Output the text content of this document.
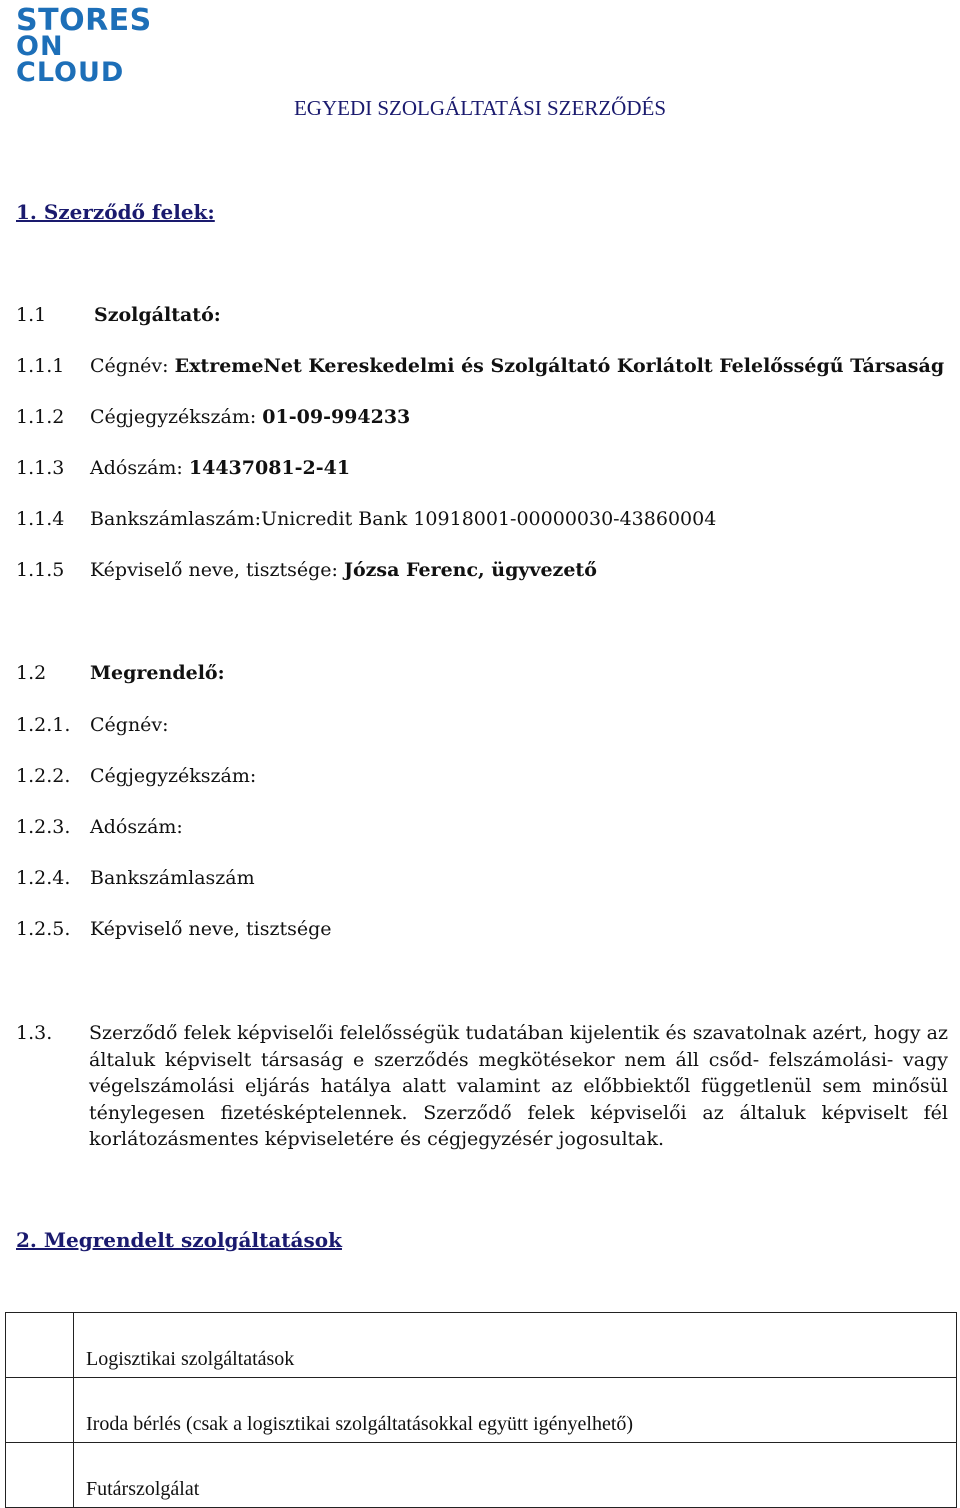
STORES
ON CLOUD
EGYEDI SZOLGÁLTATÁSI SZERZŐDÉS
1. Szerződő felek:
1.1	Szolgáltató:
1.1.1 Cégnév: ExtremeNet Kereskedelmi és Szolgáltató Korlátolt Felelősségű Társaság
1.1.2 Cégjegyzékszám: 01-09-994233
1.1.3 Adószám: 14437081-2-41
1.1.4 Bankszámlaszám:Unicredit Bank 10918001-00000030-43860004
1.1.5 Képviselő neve, tisztsége: Józsa Ferenc, ügyvezető
1.2 Megrendelő:
1.2.1. Cégnév:
1.2.2. Cégjegyzékszám:
1.2.3. Adószám:
1.2.4. Bankszámlaszám
1.2.5. Képviselő neve, tisztsége
1.3. Szerződő felek képviselői felelősségük tudatában kijelentik és szavatolnak azért, hogy az általuk képviselt társaság e szerződés megkötésekor nem áll csőd- felszámolási- vagy végelszámolási eljárás hatálya alatt valamint az előbbiektől függetlenül sem minősül ténylegesen fizetésképtelennek. Szerződő felek képviselői az általuk képviselt fél korlátozásmentes képviseletére és cégjegyzésér jogosultak.
2. Megrendelt szolgáltatások
	Logisztikai szolgáltatások
	Iroda bérlés (csak a logisztikai szolgáltatásokkal együtt igényelhető)
	Futárszolgálat
